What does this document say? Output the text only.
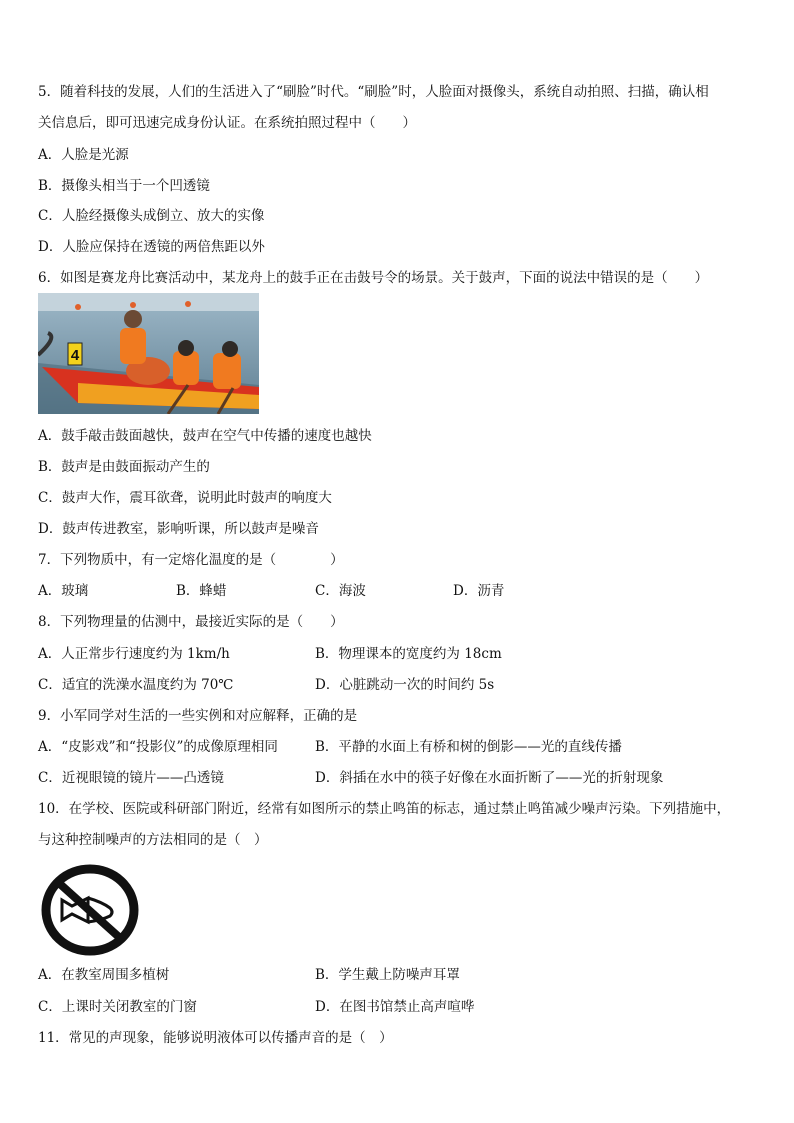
5．随着科技的发展，人们的生活进入了“刷脸”时代。“刷脸”时，人脸面对摄像头，系统自动拍照、扫描，确认相
关信息后，即可迅速完成身份认证。在系统拍照过程中（　　）
A．人脸是光源
B．摄像头相当于一个凹透镜
C．人脸经摄像头成倒立、放大的实像
D．人脸应保持在透镜的两倍焦距以外
6．如图是赛龙舟比赛活动中，某龙舟上的鼓手正在击鼓号令的场景。关于鼓声，下面的说法中错误的是（　　）
4
A．鼓手敲击鼓面越快，鼓声在空气中传播的速度也越快
B．鼓声是由鼓面振动产生的
C．鼓声大作，震耳欲聋，说明此时鼓声的响度大
D．鼓声传进教室，影响听课，所以鼓声是噪音
7．下列物质中，有一定熔化温度的是（　　　　）
A．玻璃	B．蜂蜡	C．海波	D．沥青
8．下列物理量的估测中，最接近实际的是（　　）
A．人正常步行速度约为 1km/h	B．物理课本的宽度约为 18cm
C．适宜的洗澡水温度约为 70℃	D．心脏跳动一次的时间约 5s
9．小军同学对生活的一些实例和对应解释，正确的是
A．“皮影戏”和“投影仪”的成像原理相同	B．平静的水面上有桥和树的倒影——光的直线传播
C．近视眼镜的镜片——凸透镜	D．斜插在水中的筷子好像在水面折断了——光的折射现象
10．在学校、医院或科研部门附近，经常有如图所示的禁止鸣笛的标志，通过禁止鸣笛减少噪声污染。下列措施中，
与这种控制噪声的方法相同的是（　）
A．在教室周围多植树	B．学生戴上防噪声耳罩
C．上课时关闭教室的门窗	D．在图书馆禁止高声喧哗
11．常见的声现象，能够说明液体可以传播声音的是（　）
